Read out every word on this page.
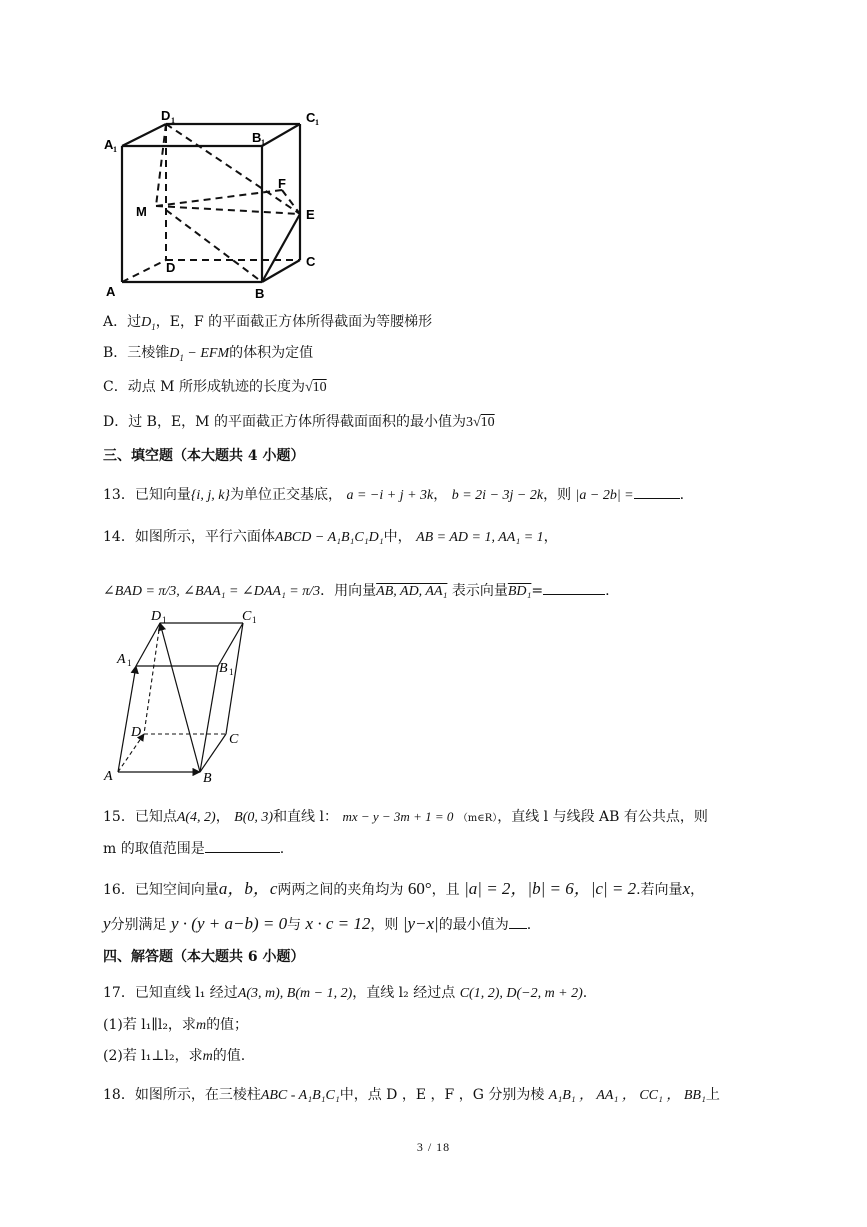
A 1
D 1
B 1
C 1
M
F
E
C
D
A	B
A．过$D_1$，E，F 的平面截正方体所得截面为等腰梯形
B．三棱锥$D_1$ − EFM的体积为定值
C．动点 M 所形成轨迹的长度为√10
D．过 B，E，M 的平面截正方体所得截面面积的最小值为3√10
三、填空题（本大题共 4 小题）
13．已知向量{i, j, k}为单位正交基底， a = −i + j + 3k， b = 2i − 3j − 2k，则 |a − 2b| =	.
14．如图所示，平行六面体ABCD − A₁B₁C₁D₁中， AB = AD = 1, AA₁ = 1，
∠BAD = π/3, ∠BAA₁ = ∠DAA₁ = π/3．用向量AB, AD, AA₁ 表示向量BD₁=	.
D 1	C 1
A 1	B 1
D	C
A	B
15．已知点A(4, 2)， B(0, 3)和直线 l： mx − y − 3m + 1 = 0 （m∈R），直线 l 与线段 AB 有公共点，则
m 的取值范围是	.
16．已知空间向量a，b，c两两之间的夹角均为 60°，且 |a| = 2，|b| = 6，|c| = 2.若向量x，
y分别满足 y · (y + a−b) = 0与 x · c = 12，则 |y−x|的最小值为 .
四、解答题（本大题共 6 小题）
17．已知直线 l₁ 经过A(3, m), B(m − 1, 2)，直线 l₂ 经过点 C(1, 2), D(−2, m + 2).
(1)若 l₁∥l₂，求m的值；
(2)若 l₁⊥l₂，求m的值.
18．如图所示，在三棱柱ABC - A₁B₁C₁中，点 D ，E ，F ，G 分别为棱 A₁B₁ ， AA₁ ， CC₁ ， BB₁上
3 / 18
